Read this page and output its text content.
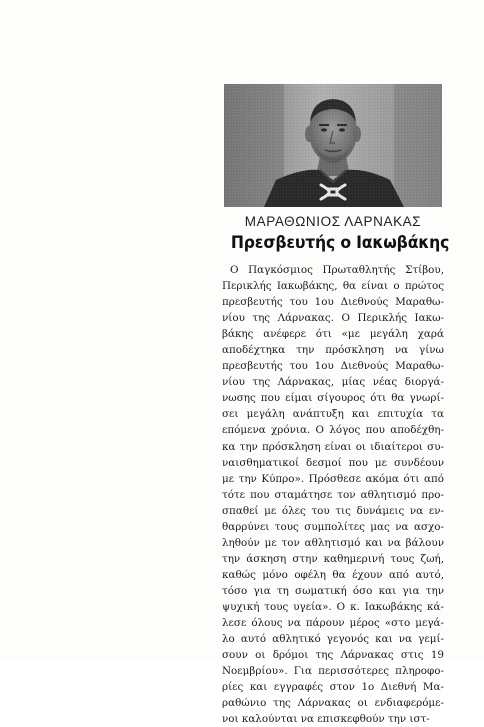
ΜΑΡΑΘΩΝΙΟΣ ΛΑΡΝΑΚΑΣ
Πρεσβευτής ο Ιακωβάκης
Ο Παγκόσμιος Πρωταθλητής Στίβου,
Περικλής Ιακωβάκης, θα είναι ο πρώτος
πρεσβευτής του 1ου Διεθνούς Μαραθω-
νίου της Λάρνακας. Ο Περικλής Ιακω-
βάκης ανέφερε ότι «με μεγάλη χαρά
αποδέχτηκα την πρόσκληση να γίνω
πρεσβευτής του 1ου Διεθνούς Μαραθω-
νίου της Λάρνακας, μίας νέας διοργά-
νωσης που είμαι σίγουρος ότι θα γνωρί-
σει μεγάλη ανάπτυξη και επιτυχία τα
επόμενα χρόνια. Ο λόγος που αποδέχθη-
κα την πρόσκληση είναι οι ιδιαίτεροι συ-
ναισθηματικοί δεσμοί που με συνδέουν
με την Κύπρο». Πρόσθεσε ακόμα ότι από
τότε που σταμάτησε τον αθλητισμό προ-
σπαθεί με όλες του τις δυνάμεις να εν-
θαρρύνει τους συμπολίτες μας να ασχο-
ληθούν με τον αθλητισμό και να βάλουν
την άσκηση στην καθημερινή τους ζωή,
καθώς μόνο οφέλη θα έχουν από αυτό,
τόσο για τη σωματική όσο και για την
ψυχική τους υγεία». Ο κ. Ιακωβάκης κά-
λεσε όλους να πάρουν μέρος «στο μεγά-
λο αυτό αθλητικό γεγονός και να γεμί-
σουν οι δρόμοι της Λάρνακας στις 19
Νοεμβρίου». Για περισσότερες πληροφο-
ρίες και εγγραφές στον 1ο Διεθνή Μα-
ραθώνιο της Λάρνακας οι ενδιαφερόμε-
νοι καλούνται να επισκεφθούν την ιστ-
